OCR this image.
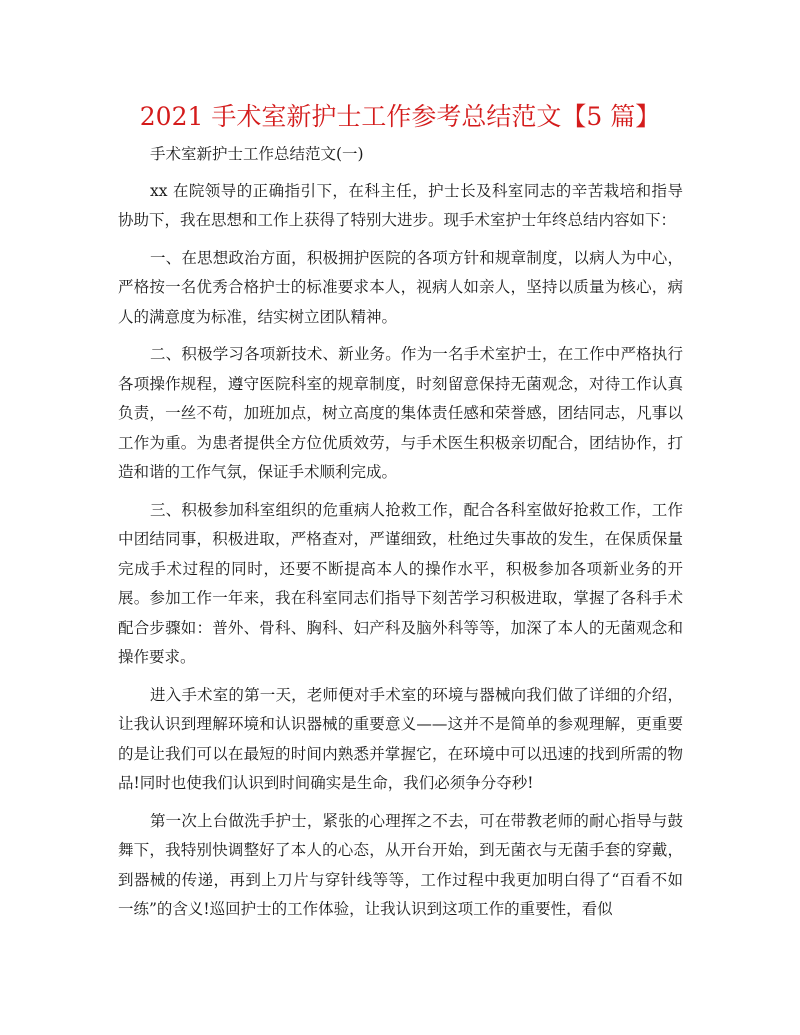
2021 手术室新护士工作参考总结范文【5 篇】

手术室新护士工作总结范文(一)

xx 在院领导的正确指引下，在科主任，护士长及科室同志的辛苦栽培和指导协助下，我在思想和工作上获得了特别大进步。现手术室护士年终总结内容如下：

一、在思想政治方面，积极拥护医院的各项方针和规章制度，以病人为中心，严格按一名优秀合格护士的标准要求本人，视病人如亲人，坚持以质量为核心，病人的满意度为标准，结实树立团队精神。

二、积极学习各项新技术、新业务。作为一名手术室护士，在工作中严格执行各项操作规程，遵守医院科室的规章制度，时刻留意保持无菌观念，对待工作认真负责，一丝不苟，加班加点，树立高度的集体责任感和荣誉感，团结同志，凡事以工作为重。为患者提供全方位优质效劳，与手术医生积极亲切配合，团结协作，打造和谐的工作气氛，保证手术顺利完成。

三、积极参加科室组织的危重病人抢救工作，配合各科室做好抢救工作，工作中团结同事，积极进取，严格查对，严谨细致，杜绝过失事故的发生，在保质保量完成手术过程的同时，还要不断提高本人的操作水平，积极参加各项新业务的开展。参加工作一年来，我在科室同志们指导下刻苦学习积极进取，掌握了各科手术配合步骤如：普外、骨科、胸科、妇产科及脑外科等等，加深了本人的无菌观念和操作要求。

进入手术室的第一天，老师便对手术室的环境与器械向我们做了详细的介绍，让我认识到理解环境和认识器械的重要意义——这并不是简单的参观理解，更重要的是让我们可以在最短的时间内熟悉并掌握它，在环境中可以迅速的找到所需的物品!同时也使我们认识到时间确实是生命，我们必须争分夺秒!

第一次上台做洗手护士，紧张的心理挥之不去，可在带教老师的耐心指导与鼓舞下，我特别快调整好了本人的心态，从开台开始，到无菌衣与无菌手套的穿戴，到器械的传递，再到上刀片与穿针线等等，工作过程中我更加明白得了“百看不如一练”的含义!巡回护士的工作体验，让我认识到这项工作的重要性，看似
